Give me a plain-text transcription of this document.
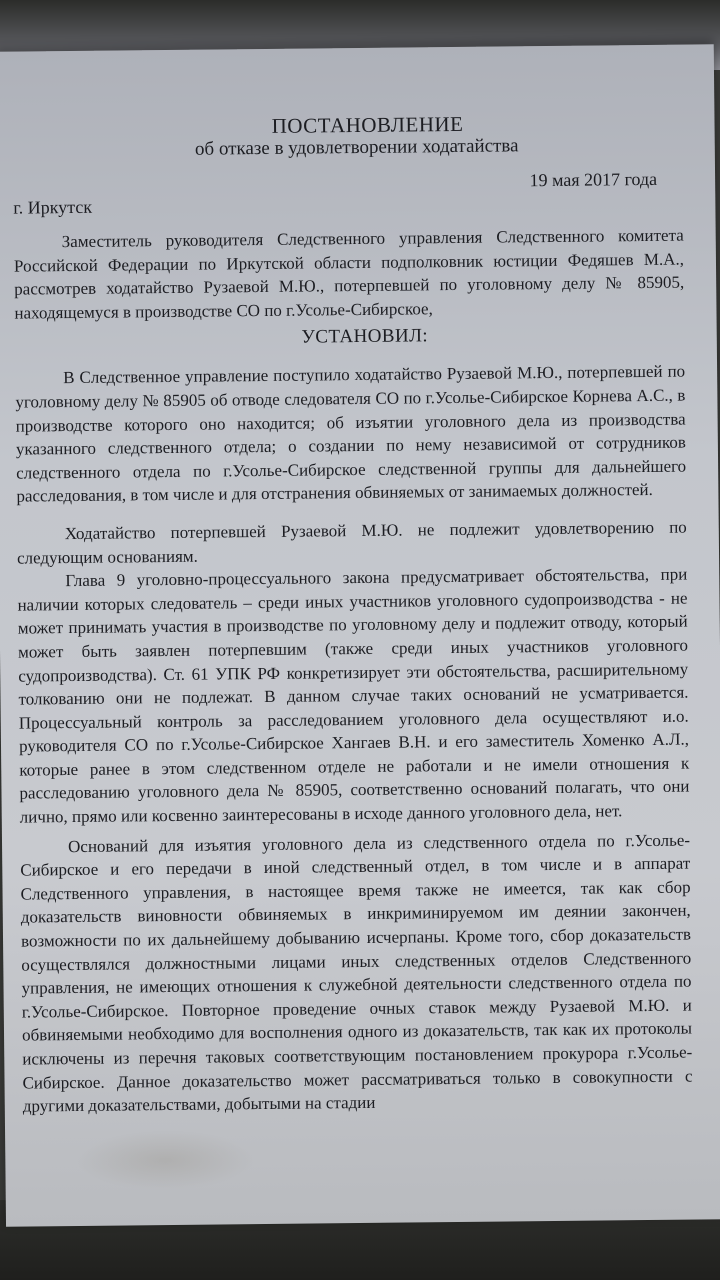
ПОСТАНОВЛЕНИЕ
об отказе в удовлетворении ходатайства
19 мая 2017 года
г. Иркутск

Заместитель руководителя Следственного управления Следственного комитета Российской Федерации по Иркутской области подполковник юстиции Федяшев М.А., рассмотрев ходатайство Рузаевой М.Ю., потерпевшей по уголовному делу № 85905, находящемуся в производстве СО по г.Усолье-Сибирское,

УСТАНОВИЛ:

В Следственное управление поступило ходатайство Рузаевой М.Ю., потерпевшей по уголовному делу № 85905 об отводе следователя СО по г.Усолье-Сибирское Корнева А.С., в производстве которого оно находится; об изъятии уголовного дела из производства указанного следственного отдела; о создании по нему независимой от сотрудников следственного отдела по г.Усолье-Сибирское следственной группы для дальнейшего расследования, в том числе и для отстранения обвиняемых от занимаемых должностей.

Ходатайство потерпевшей Рузаевой М.Ю. не подлежит удовлетворению по следующим основаниям.

Глава 9 уголовно-процессуального закона предусматривает обстоятельства, при наличии которых следователь – среди иных участников уголовного судопроизводства - не может принимать участия в производстве по уголовному делу и подлежит отводу, который может быть заявлен потерпевшим (также среди иных участников уголовного судопроизводства). Ст. 61 УПК РФ конкретизирует эти обстоятельства, расширительному толкованию они не подлежат. В данном случае таких оснований не усматривается. Процессуальный контроль за расследованием уголовного дела осуществляют и.о. руководителя СО по г.Усолье-Сибирское Хангаев В.Н. и его заместитель Хоменко А.Л., которые ранее в этом следственном отделе не работали и не имели отношения к расследованию уголовного дела № 85905, соответственно оснований полагать, что они лично, прямо или косвенно заинтересованы в исходе данного уголовного дела, нет.

Оснований для изъятия уголовного дела из следственного отдела по г.Усолье-Сибирское и его передачи в иной следственный отдел, в том числе и в аппарат Следственного управления, в настоящее время также не имеется, так как сбор доказательств виновности обвиняемых в инкриминируемом им деянии закончен, возможности по их дальнейшему добыванию исчерпаны. Кроме того, сбор доказательств осуществлялся должностными лицами иных следственных отделов Следственного управления, не имеющих отношения к служебной деятельности следственного отдела по г.Усолье-Сибирское. Повторное проведение очных ставок между Рузаевой М.Ю. и обвиняемыми необходимо для восполнения одного из доказательств, так как их протоколы исключены из перечня таковых соответствующим постановлением прокурора г.Усолье-Сибирское. Данное доказательство может рассматриваться только в совокупности с другими доказательствами, добытыми на стадии
